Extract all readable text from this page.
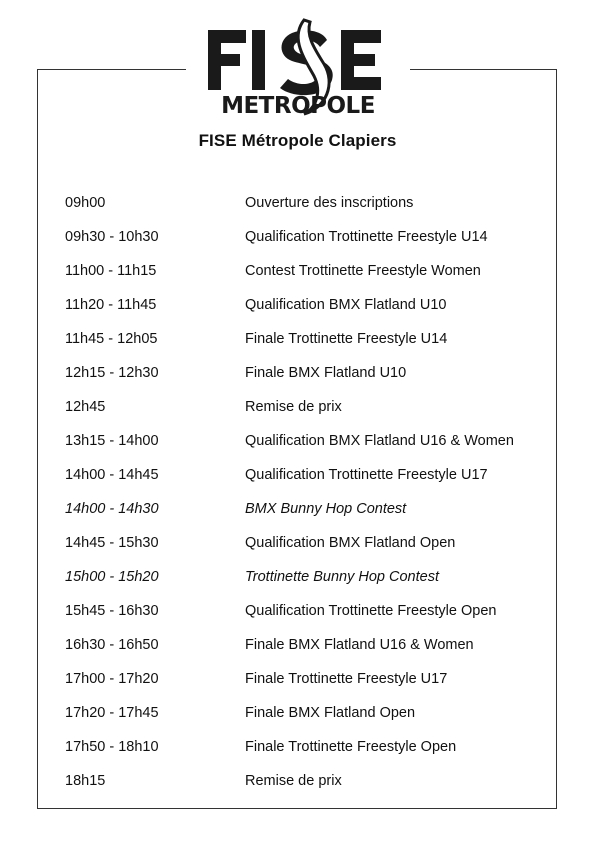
METROPOLE
FISE Métropole Clapiers
09h00	Ouverture des inscriptions
09h30 - 10h30	Qualification Trottinette Freestyle U14
11h00 - 11h15	Contest Trottinette Freestyle Women
11h20 - 11h45	Qualification BMX Flatland U10
11h45 - 12h05	Finale Trottinette Freestyle U14
12h15 - 12h30	Finale BMX Flatland U10
12h45	Remise de prix
13h15 - 14h00	Qualification BMX Flatland U16 & Women
14h00 - 14h45	Qualification Trottinette Freestyle U17
14h00 - 14h30	BMX Bunny Hop Contest
14h45 - 15h30	Qualification BMX Flatland Open
15h00 - 15h20	Trottinette Bunny Hop Contest
15h45 - 16h30	Qualification Trottinette Freestyle Open
16h30 - 16h50	Finale BMX Flatland U16 & Women
17h00 - 17h20	Finale Trottinette Freestyle U17
17h20 - 17h45	Finale BMX Flatland Open
17h50 - 18h10	Finale Trottinette Freestyle Open
18h15	Remise de prix
